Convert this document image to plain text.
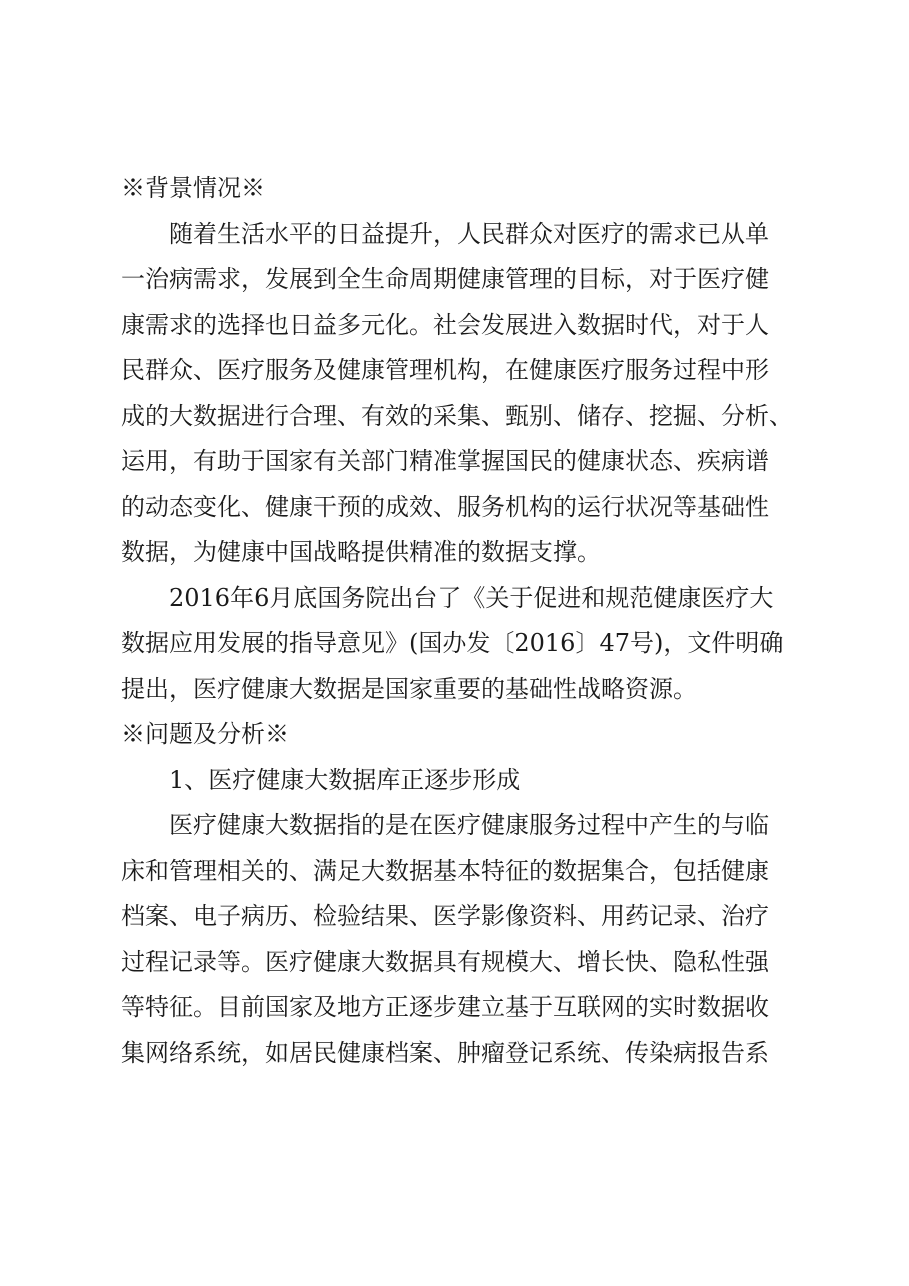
※背景情况※
随着生活水平的日益提升，人民群众对医疗的需求已从单
一治病需求，发展到全生命周期健康管理的目标，对于医疗健
康需求的选择也日益多元化。社会发展进入数据时代，对于人
民群众、医疗服务及健康管理机构，在健康医疗服务过程中形
成的大数据进行合理、有效的采集、甄别、储存、挖掘、分析、
运用，有助于国家有关部门精准掌握国民的健康状态、疾病谱
的动态变化、健康干预的成效、服务机构的运行状况等基础性
数据，为健康中国战略提供精准的数据支撑。
2016年6月底国务院出台了《关于促进和规范健康医疗大
数据应用发展的指导意见》(国办发〔2016〕47号)，文件明确
提出，医疗健康大数据是国家重要的基础性战略资源。
※问题及分析※
1、医疗健康大数据库正逐步形成
医疗健康大数据指的是在医疗健康服务过程中产生的与临
床和管理相关的、满足大数据基本特征的数据集合，包括健康
档案、电子病历、检验结果、医学影像资料、用药记录、治疗
过程记录等。医疗健康大数据具有规模大、增长快、隐私性强
等特征。目前国家及地方正逐步建立基于互联网的实时数据收
集网络系统，如居民健康档案、肿瘤登记系统、传染病报告系
